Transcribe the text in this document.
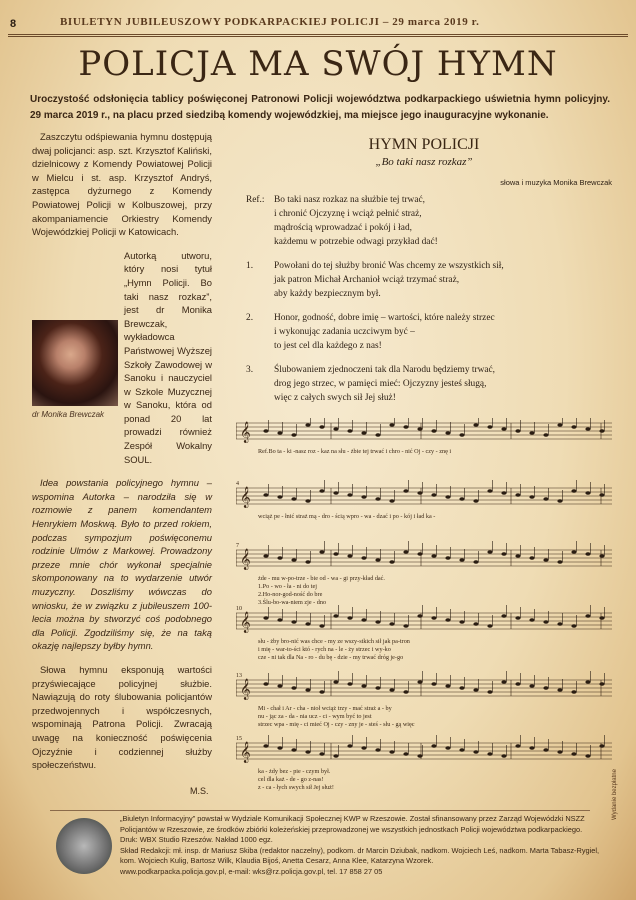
8	BIULETYN JUBILEUSZOWY PODKARPACKIEJ POLICJI – 29 marca 2019 r.
POLICJA MA SWÓJ HYMN
Uroczystość odsłonięcia tablicy poświęconej Patronowi Policji województwa podkarpackiego uświetnia hymn policyjny. 29 marca 2019 r., na placu przed siedzibą komendy wojewódzkiej, ma miejsce jego inauguracyjne wykonanie.

Zaszczytu odśpiewania hymnu dostępują dwaj policjanci: asp. szt. Krzysztof Kaliński, dzielnicowy z Komendy Powiatowej Policji w Mielcu i st. asp. Krzysztof Andryś, zastępca dyżurnego z Komendy Powiatowej Policji w Kolbuszowej, przy akompaniamencie Orkiestry Komendy Wojewódzkiej Policji w Katowicach.

Autorką utworu, który nosi tytuł „Hymn Policji. Bo taki nasz rozkaz”, jest dr Monika Brewczak, wykładowca Państwowej Wyższej Szkoły Zawodowej w Sanoku i nauczyciel w Szkole Muzycznej w Sanoku, która od ponad 20 lat prowadzi również Zespół Wokalny SOUL.

Idea powstania policyjnego hymnu – wspomina Autorka – narodziła się w rozmowie z panem komendantem Henrykiem Moskwą. Było to przed rokiem, podczas sympozjum poświęconemu rodzinie Ulmów z Markowej. Prowadzony przeze mnie chór wykonał specjalnie skomponowany na to wydarzenie utwór muzyczny. Doszliśmy wówczas do wniosku, że w związku z jubileuszem 100-lecia można by stworzyć coś podobnego dla Policji. Zgodziliśmy się, że na taką okazję najlepszy byłby hymn.

Słowa hymnu eksponują wartości przyświecające policyjnej służbie. Nawiązują do roty ślubowania policjantów przedwojennych i współczesnych, wspominają Patrona Policji. Zwracają uwagę na konieczność poświęcenia Ojczyźnie i codziennej służby społeczeństwu.

dr Monika Brewczak
M.S.
HYMN POLICJI
„Bo taki nasz rozkaz”
słowa i muzyka Monika Brewczak
Ref.: Bo taki nasz rozkaz na służbie tej trwać,
i chronić Ojczyznę i wciąż pełnić straż,
mądrością wprowadzać i pokój i ład,
każdemu w potrzebie odwagi przykład dać!
1. Powołani do tej służby bronić Was chcemy ze wszystkich sił,
jak patron Michał Archanioł wciąż trzymać straż,
aby każdy bezpiecznym był.
2. Honor, godność, dobre imię – wartości, które należy strzec
i wykonując zadania uczciwym być –
to jest cel dla każdego z nas!
3. Ślubowaniem zjednoczeni tak dla Narodu będziemy trwać,
drog jego strzec, w pamięci mieć: Ojczyzny jesteś sługą,
więc z całych swych sił Jej służ!
𝄞
Ref.Bo ta - ki -nasz roz - kaz na słu - żbie tej trwać i chro - nić Oj - czy - znę i
4
𝄞
wciąż pe - łnić straż mą - dro - ścią wpro - wa - dzać i po - kój i ład ka -
7
𝄞
żde - mu w-po-trze - bie od - wa - gi przy-kład dać.
1.Po - wo - ła - ni do tej
2.Ho-nor-god-ność do bre
3.Ślu-bo-wa-niem zje - dno
10
𝄞
słu - żby bro-nić was chce - my ze wszy-stkich sił jak pa-tron
i mię - war-to-ści któ - rych na - le - ży strzec i wy-ko
cze - ni tak dla Na - ro - du bę - dzie - my trwać dróg je-go
13
𝄞
Mi - chał i Ar - cha - nioł wciąż trzy - mać straż a - by
nu - jąc za - da - nia ucz - ci - wym być to jest
strzec wpa - mię - ci mieć Oj - czy - zny je - steś - słu - gą więc
15
𝄞
ka - żdy bez - pie - czym był.
cel dla każ - de - go z-nas!
z - ca - łych swych sił Jej służ!
„Biuletyn Informacyjny” powstał w Wydziale Komunikacji Społecznej KWP w Rzeszowie. Został sfinansowany przez Zarząd Wojewódzki NSZZ Policjantów w Rzeszowie, ze środków zbiórki koleżeńskiej przeprowadzonej we wszystkich jednostkach Policji województwa podkarpackiego. Druk: WBX Studio Rzeszów. Nakład 1000 egz.
Skład Redakcji: mł. insp. dr Mariusz Skiba (redaktor naczelny), podkom. dr Marcin Dziubak, nadkom. Wojciech Leś, nadkom. Marta Tabasz-Rygiel, kom. Wojciech Kulig, Bartosz Wilk, Klaudia Bijoś, Anetta Cesarz, Anna Klee, Katarzyna Wzorek.
www.podkarpacka.policja.gov.pl, e-mail: wks@rz.policja.gov.pl, tel. 17 858 27 05
Wydanie bezpłatne
